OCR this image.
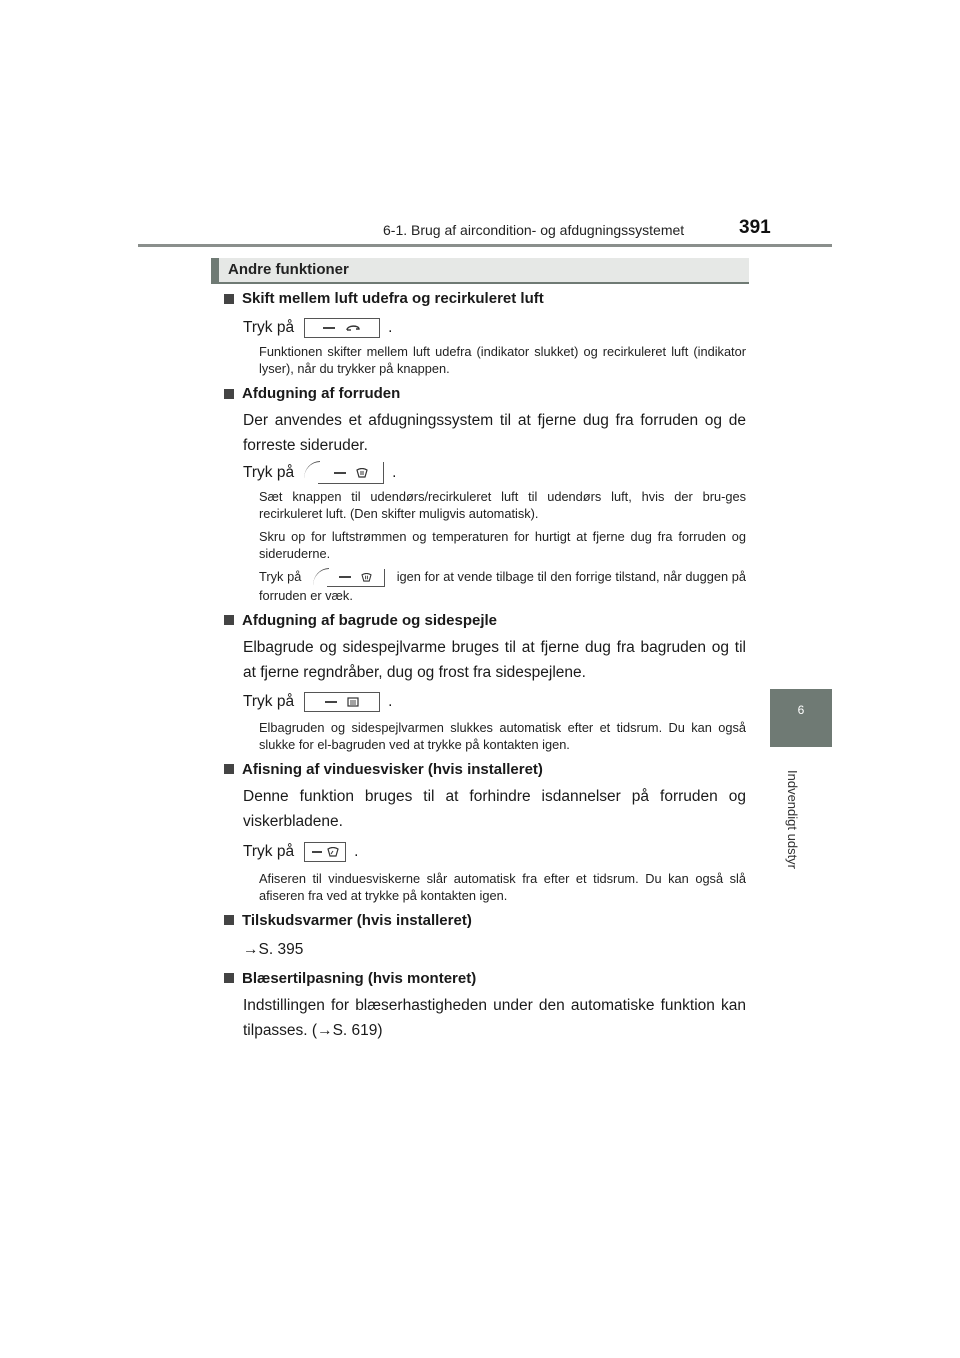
6-1. Brug af aircondition- og afdugningssystemet	391
6
Indvendigt udstyr
Andre funktioner

Skift mellem luft udefra og recirkuleret luft

Tryk på	.

Funktionen skifter mellem luft udefra (indikator slukket) og recirkuleret luft (indikator lyser), når du trykker på knappen.

Afdugning af forruden

Der anvendes et afdugningssystem til at fjerne dug fra forruden og de forreste sideruder.

Tryk på	.

Sæt knappen til udendørs/recirkuleret luft til udendørs luft, hvis der bru-ges recirkuleret luft. (Den skifter muligvis automatisk).

Skru op for luftstrømmen og temperaturen for hurtigt at fjerne dug fra forruden og sideruderne.

Tryk på	igen for at vende tilbage til den forrige tilstand, når duggen på forruden er væk.

Afdugning af bagrude og sidespejle

Elbagrude og sidespejlvarme bruges til at fjerne dug fra bagruden og til at fjerne regndråber, dug og frost fra sidespejlene.

Tryk på	.

Elbagruden og sidespejlvarmen slukkes automatisk efter et tidsrum. Du kan også slukke for el-bagruden ved at trykke på kontakten igen.

Afisning af vinduesvisker (hvis installeret)

Denne funktion bruges til at forhindre isdannelser på forruden og viskerbladene.

Tryk på	.

Afiseren til vinduesviskerne slår automatisk fra efter et tidsrum. Du kan også slå afiseren fra ved at trykke på kontakten igen.

Tilskudsvarmer (hvis installeret)

→S. 395

Blæsertilpasning (hvis monteret)

Indstillingen for blæserhastigheden under den automatiske funktion kan tilpasses. (→S. 619)
